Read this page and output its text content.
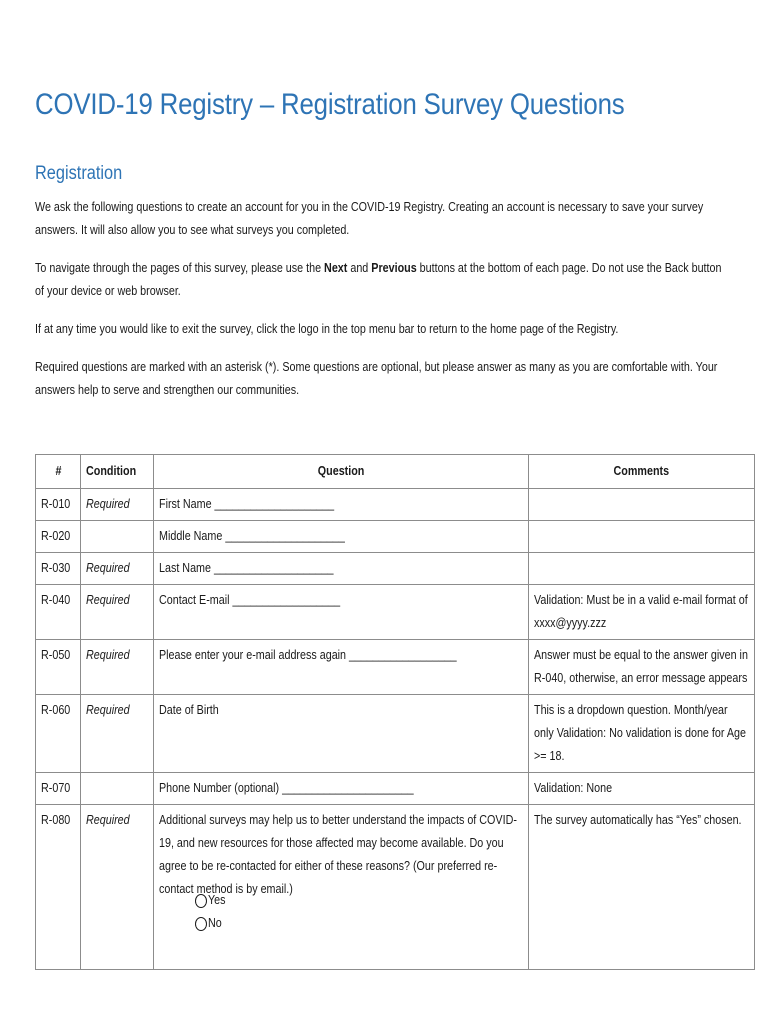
COVID-19 Registry – Registration Survey Questions
Registration
We ask the following questions to create an account for you in the COVID-19 Registry. Creating an account is necessary to save your survey answers. It will also allow you to see what surveys you completed.
To navigate through the pages of this survey, please use the Next and Previous buttons at the bottom of each page. Do not use the Back button of your device or web browser.
If at any time you would like to exit the survey, click the logo in the top menu bar to return to the home page of the Registry.
Required questions are marked with an asterisk (*). Some questions are optional, but please answer as many as you are comfortable with. Your answers help to serve and strengthen our communities.
#	Condition	Question	Comments
R-010	Required	First Name ____________________	

R-020		Middle Name ____________________	

R-030	Required	Last Name ____________________	

R-040	Required	Contact E-mail __________________	Validation: Must be in a valid e-mail format of xxxx@yyyy.zzz

R-050	Required	Please enter your e-mail address again __________________	Answer must be equal to the answer given in R-040, otherwise, an error message appears

R-060	Required	Date of Birth	This is a dropdown question. Month/year only Validation: No validation is done for Age >= 18.

R-070		Phone Number (optional) ______________________	Validation: None

R-080	Required	Additional surveys may help us to better understand the impacts of COVID-19, and new resources for those affected may become available. Do you agree to be re-contacted for either of these reasons? (Our preferred re-contact method is by email.)
Yes
No	The survey automatically has “Yes” chosen.
